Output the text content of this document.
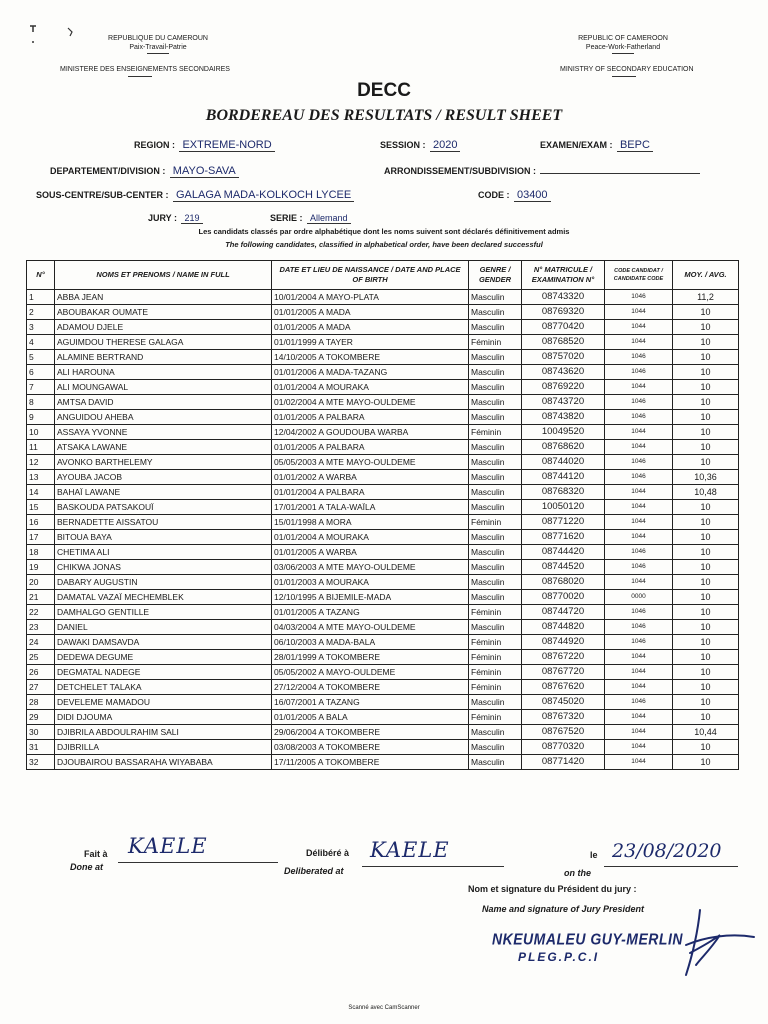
REPUBLIQUE DU CAMEROUN
Paix-Travail-Patrie
MINISTERE DES ENSEIGNEMENTS SECONDAIRES
REPUBLIC OF CAMEROON
Peace-Work-Fatherland
MINISTRY OF SECONDARY EDUCATION
DECC
BORDEREAU DES RESULTATS / RESULT SHEET
REGION : EXTREME-NORD	SESSION : 2020	EXAMEN/EXAM : BEPC
DEPARTEMENT/DIVISION : MAYO-SAVA	ARRONDISSEMENT/SUBDIVISION :
SOUS-CENTRE/SUB-CENTER : GALAGA MADA-KOLKOCH LYCEE	CODE : 03400
JURY : 219	SERIE : Allemand
Les candidats classés par ordre alphabétique dont les noms suivent sont déclarés définitivement admis
The following candidates, classified in alphabetical order, have been declared successful
N°	NOMS ET PRENOMS / NAME IN FULL	DATE ET LIEU DE NAISSANCE / DATE AND PLACE OF BIRTH	GENRE / GENDER	N° MATRICULE / EXAMINATION N°	CODE CANDIDAT / CANDIDATE CODE	MOY. / AVG.
1	ABBA JEAN	10/01/2004 A MAYO-PLATA	Masculin	08743320	1046	11,2
2	ABOUBAKAR OUMATE	01/01/2005 A MADA	Masculin	08769320	1044	10
3	ADAMOU DJELE	01/01/2005 A MADA	Masculin	08770420	1044	10
4	AGUIMDOU THERESE GALAGA	01/01/1999 A TAYER	Féminin	08768520	1044	10
5	ALAMINE BERTRAND	14/10/2005 A TOKOMBERE	Masculin	08757020	1046	10
6	ALI HAROUNA	01/01/2006 A MADA-TAZANG	Masculin	08743620	1046	10
7	ALI MOUNGAWAL	01/01/2004 A MOURAKA	Masculin	08769220	1044	10
8	AMTSA DAVID	01/02/2004 A MTE MAYO-OULDEME	Masculin	08743720	1046	10
9	ANGUIDOU AHEBA	01/01/2005 A PALBARA	Masculin	08743820	1046	10
10	ASSAYA YVONNE	12/04/2002 A GOUDOUBA WARBA	Féminin	10049520	1044	10
11	ATSAKA LAWANE	01/01/2005 A PALBARA	Masculin	08768620	1044	10
12	AVONKO BARTHELEMY	05/05/2003 A MTE MAYO-OULDEME	Masculin	08744020	1046	10
13	AYOUBA JACOB	01/01/2002 A WARBA	Masculin	08744120	1046	10,36
14	BAHAÏ LAWANE	01/01/2004 A PALBARA	Masculin	08768320	1044	10,48
15	BASKOUDA PATSAKOUÏ	17/01/2001 A TALA-WAÏLA	Masculin	10050120	1044	10
16	BERNADETTE AISSATOU	15/01/1998 A MORA	Féminin	08771220	1044	10
17	BITOUA BAYA	01/01/2004 A MOURAKA	Masculin	08771620	1044	10
18	CHETIMA ALI	01/01/2005 A WARBA	Masculin	08744420	1046	10
19	CHIKWA JONAS	03/06/2003 A MTE MAYO-OULDEME	Masculin	08744520	1046	10
20	DABARY AUGUSTIN	01/01/2003 A MOURAKA	Masculin	08768020	1044	10
21	DAMATAL VAZAÏ MECHEMBLEK	12/10/1995 A BIJEMILE-MADA	Masculin	08770020	0000	10
22	DAMHALGO GENTILLE	01/01/2005 A TAZANG	Féminin	08744720	1046	10
23	DANIEL	04/03/2004 A MTE MAYO-OULDEME	Masculin	08744820	1046	10
24	DAWAKI DAMSAVDA	06/10/2003 A MADA-BALA	Féminin	08744920	1046	10
25	DEDEWA DEGUME	28/01/1999 A TOKOMBERE	Féminin	08767220	1044	10
26	DEGMATAL NADEGE	05/05/2002 A MAYO-OULDEME	Féminin	08767720	1044	10
27	DETCHELET TALAKA	27/12/2004 A TOKOMBERE	Féminin	08767620	1044	10
28	DEVELEME MAMADOU	16/07/2001 A TAZANG	Masculin	08745020	1046	10
29	DIDI DJOUMA	01/01/2005 A BALA	Féminin	08767320	1044	10
30	DJIBRILA ABDOULRAHIM SALI	29/06/2004 A TOKOMBERE	Masculin	08767520	1044	10,44
31	DJIBRILLA	03/08/2003 A TOKOMBERE	Masculin	08770320	1044	10
32	DJOUBAIROU BASSARAHA WIYABABA	17/11/2005 A TOKOMBERE	Masculin	08771420	1044	10
Fait à
Done at
KAELE	Délibéré à
Deliberated at
KAELE	le
on the
23/08/2020
Nom et signature du Président du jury :
Name and signature of Jury President
NKEUMALEU GUY-MERLIN
PLEG.P.C.I
Scanné avec CamScanner
